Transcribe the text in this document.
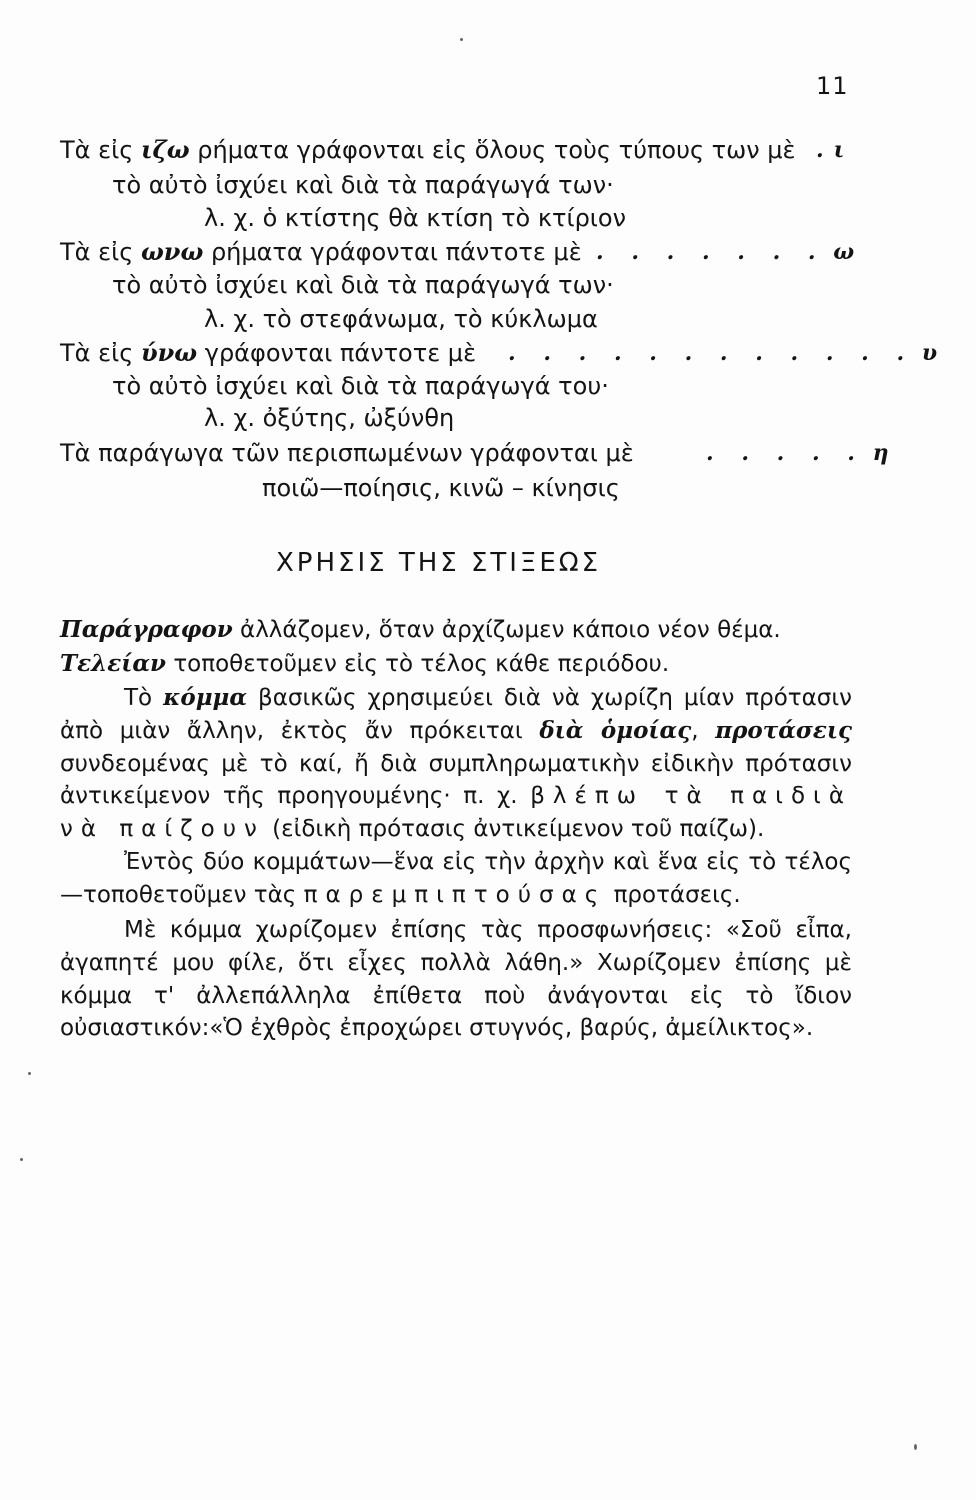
11
Τὰ εἰς ιζω ρήματα γράφονται εἰς ὅλους τοὺς τύπους των μὲ .ι
τὸ αὐτὸ ἰσχύει καὶ διὰ τὰ παράγωγά των·
λ. χ. ὁ κτίστης θὰ κτίση τὸ κτίριον
Τὰ εἰς ωνω ρήματα γράφονται πάντοτε μὲ . . . . . . . ω
τὸ αὐτὸ ἰσχύει καὶ διὰ τὰ παράγωγά των·
λ. χ. τὸ στεφάνωμα, τὸ κύκλωμα
Τὰ εἰς ύνω γράφονται πάντοτε μὲ . . . . . . . . . . . . υ
τὸ αὐτὸ ἰσχύει καὶ διὰ τὰ παράγωγά του·
λ. χ. ὀξύτης, ὠξύνθη
Τὰ παράγωγα τῶν περισπωμένων γράφονται μὲ	. . . . . η
ποιῶ—ποίησις, κινῶ – κίνησις
ΧΡΗΣΙΣ ΤΗΣ ΣΤΙΞΕΩΣ
Παράγραφον ἀλλάζομεν, ὅταν ἀρχίζωμεν κάποιο νέον θέμα.
Τελείαν τοποθετοῦμεν εἰς τὸ τέλος κάθε περιόδου.
Τὸ κόμμα βασικῶς χρησιμεύει διὰ νὰ χωρίζη μίαν πρότασιν ἀπὸ μιὰν ἄλλην, ἐκτὸς ἄν πρόκειται διὰ ὁμοίας, προτάσεις συνδεομένας μὲ τὸ καί, ἤ διὰ συμπληρωματικὴν εἰδικὴν πρότασιν ἀντικείμενον τῆς προηγουμένης· π. χ. βλέπω τὰ παιδιὰ νὰ παίζουν (εἰδικὴ πρότασις ἀντικείμενον τοῦ παίζω).
Ἐντὸς δύο κομμάτων—ἕνα εἰς τὴν ἀρχὴν καὶ ἕνα εἰς τὸ τέλος—τοποθετοῦμεν τὰς παρεμπιπτούσας προτάσεις.
Μὲ κόμμα χωρίζομεν ἐπίσης τὰς προσφωνήσεις: «Σοῦ εἶπα, ἀγαπητέ μου φίλε, ὅτι εἶχες πολλὰ λάθη.» Χωρίζομεν ἐπίσης μὲ κόμμα τ' ἀλλεπάλληλα ἐπίθετα ποὺ ἀνάγονται εἰς τὸ ἴδιον οὐσιαστικόν:«Ὁ ἐχθρὸς ἐπροχώρει στυγνός, βαρύς, ἀμείλικτος».
